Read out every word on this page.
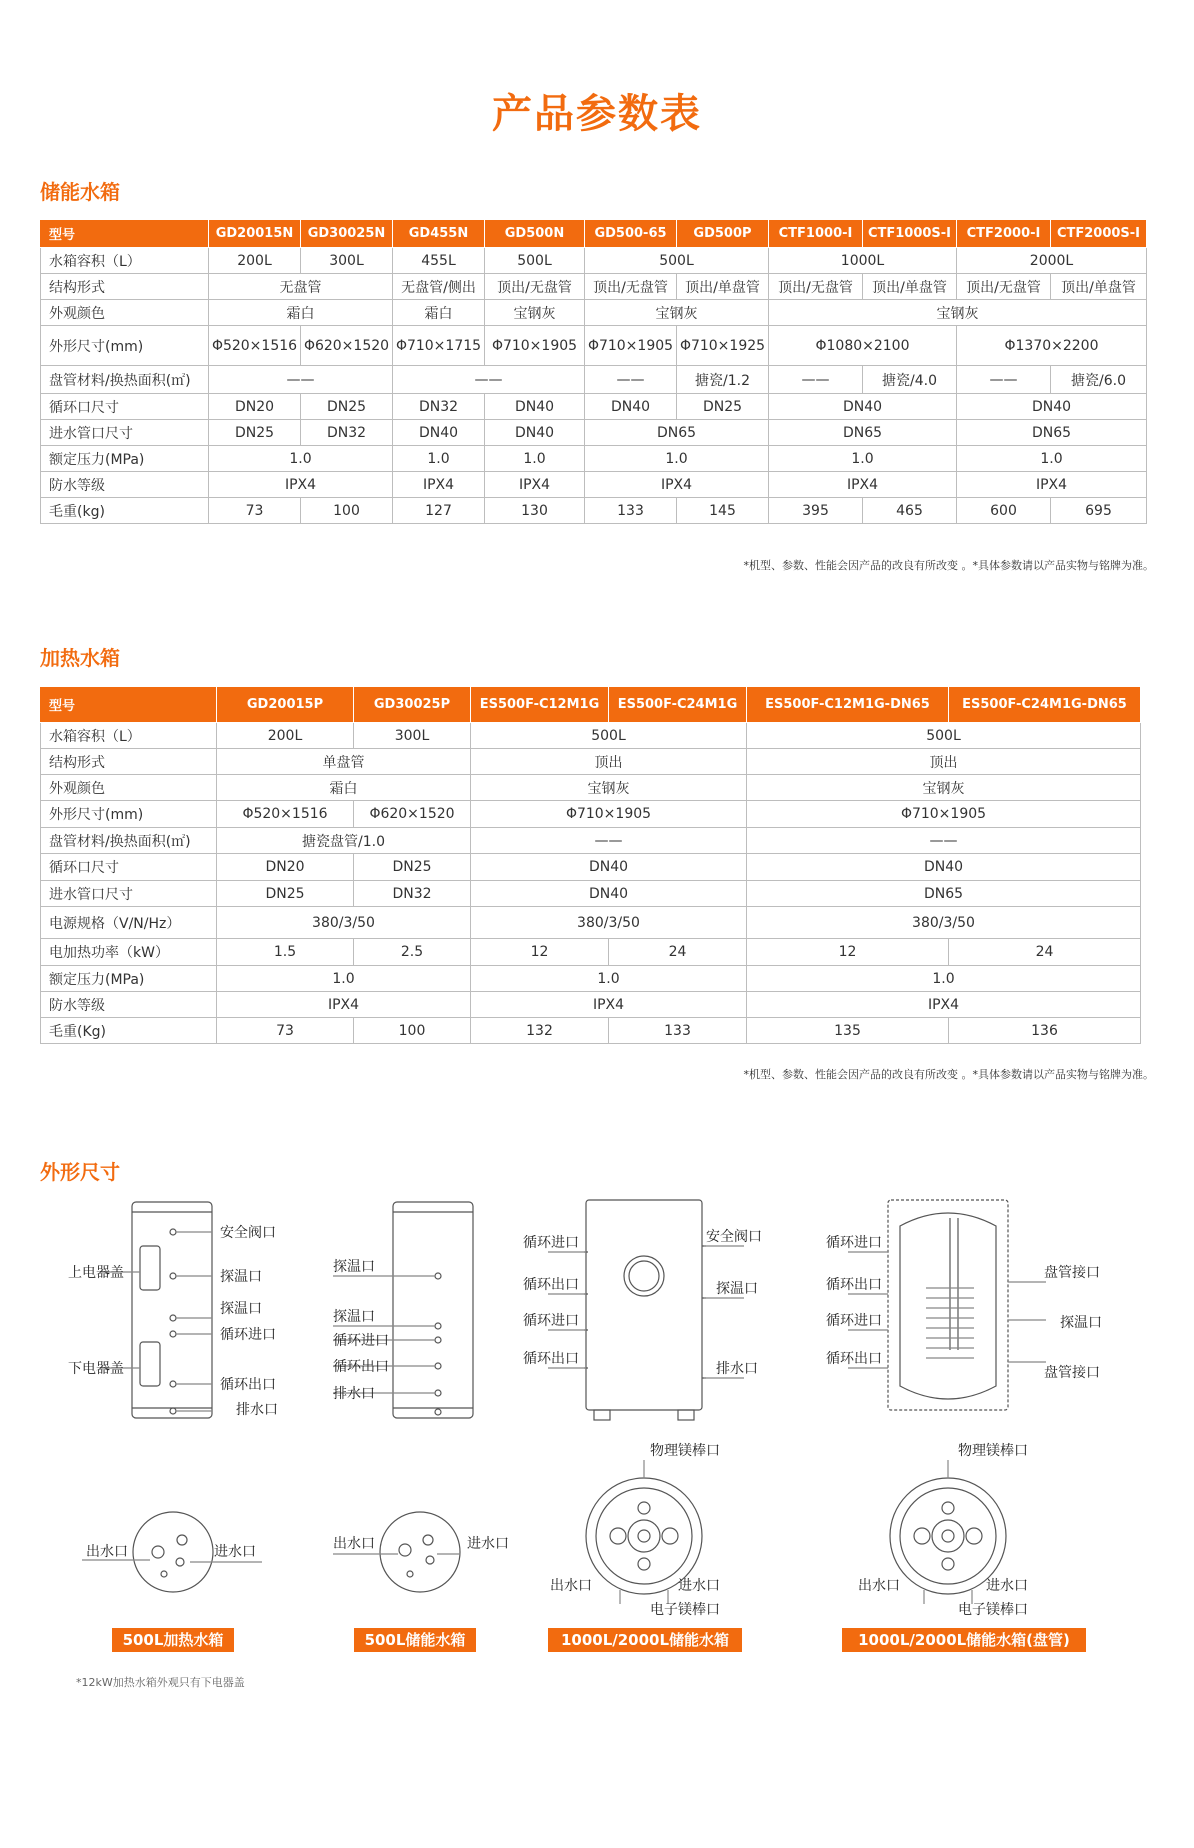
产品参数表
储能水箱
型号	GD20015N	GD30025N	GD455N	GD500N	GD500-65	GD500P	CTF1000-I	CTF1000S-I	CTF2000-I	CTF2000S-I
水箱容积（L）	200L	300L	455L	500L	500L		1000L		2000L	
结构形式	无盘管		无盘管/侧出	顶出/无盘管	顶出/无盘管	顶出/单盘管	顶出/无盘管	顶出/单盘管	顶出/无盘管	顶出/单盘管
外观颜色	霜白		霜白	宝钢灰	宝钢灰		宝钢灰			
外形尺寸(mm)	Φ520×1516	Φ620×1520	Φ710×1715	Φ710×1905	Φ710×1905	Φ710×1925	Φ1080×2100		Φ1370×2200	
盘管材料/换热面积(㎡)	——		——		——	搪瓷/1.2	——	搪瓷/4.0	——	搪瓷/6.0
循环口尺寸	DN20	DN25	DN32	DN40	DN40	DN25	DN40		DN40	
进水管口尺寸	DN25	DN32	DN40	DN40	DN65		DN65		DN65	
额定压力(MPa)	1.0		1.0	1.0	1.0		1.0		1.0	
防水等级	IPX4		IPX4	IPX4	IPX4		IPX4		IPX4	
毛重(kg)	73	100	127	130	133	145	395	465	600	695
*机型、参数、性能会因产品的改良有所改变 。*具体参数请以产品实物与铭牌为准。
加热水箱
型号	GD20015P	GD30025P	ES500F-C12M1G	ES500F-C24M1G	ES500F-C12M1G-DN65	ES500F-C24M1G-DN65
水箱容积（L）	200L	300L	500L		500L	
结构形式	单盘管		顶出		顶出	
外观颜色	霜白		宝钢灰		宝钢灰	
外形尺寸(mm)	Φ520×1516	Φ620×1520	Φ710×1905		Φ710×1905	
盘管材料/换热面积(㎡)	搪瓷盘管/1.0		——		——	
循环口尺寸	DN20	DN25	DN40		DN40	
进水管口尺寸	DN25	DN32	DN40		DN65	
电源规格（V/N/Hz）	380/3/50		380/3/50		380/3/50	
电加热功率（kW）	1.5	2.5	12	24	12	24
额定压力(MPa)	1.0		1.0		1.0	
防水等级	IPX4		IPX4		IPX4	
毛重(Kg)	73	100	132	133	135	136
*机型、参数、性能会因产品的改良有所改变 。*具体参数请以产品实物与铭牌为准。
外形尺寸
安全阀口
上电器盖	探温口
探温口
循环进口
下电器盖
循环出口
排水口
出水口	进水口
探温口
探温口
循环进口
循环出口
排水口
出水口	进水口
循环进口
循环出口
循环进口
循环出口
安全阀口
探温口
排水口
物理镁棒口
出水口	进水口
电子镁棒口
循环进口
循环出口
循环进口
循环出口
盘管接口
探温口
盘管接口
物理镁棒口
出水口	进水口
电子镁棒口
500L加热水箱	500L储能水箱	1000L/2000L储能水箱	1000L/2000L储能水箱(盘管)
*12kW加热水箱外观只有下电器盖
